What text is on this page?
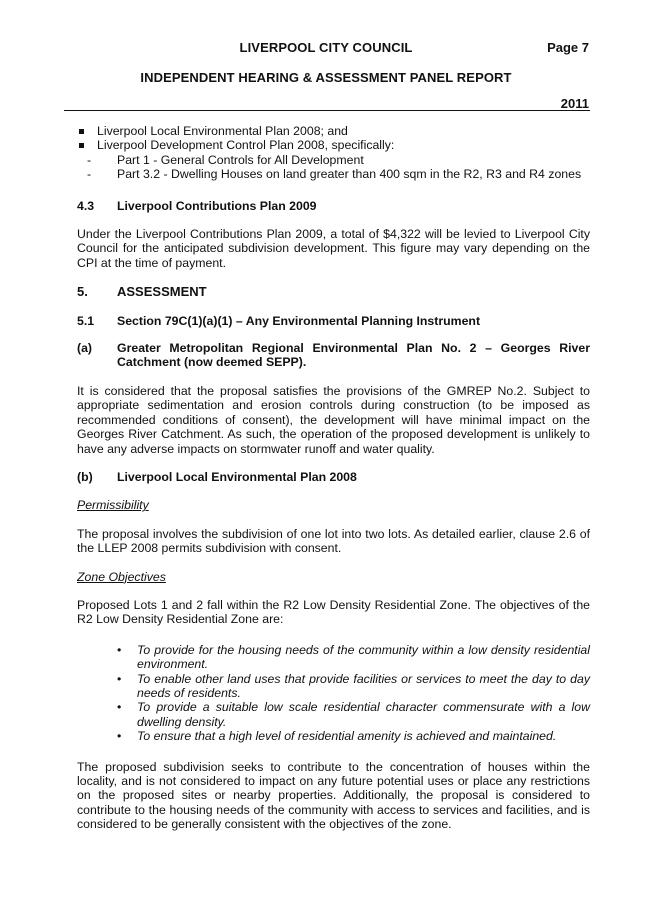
LIVERPOOL CITY COUNCIL	Page 7
INDEPENDENT HEARING & ASSESSMENT PANEL REPORT
2011
Liverpool Local Environmental Plan 2008; and
Liverpool Development Control Plan 2008, specifically:
- Part 1 - General Controls for All Development
- Part 3.2 - Dwelling Houses on land greater than 400 sqm in the R2, R3 and R4 zones
4.3	Liverpool Contributions Plan 2009

Under the Liverpool Contributions Plan 2009, a total of $4,322 will be levied to Liverpool City Council for the anticipated subdivision development. This figure may vary depending on the CPI at the time of payment.

5.	ASSESSMENT
5.1	Section 79C(1)(a)(1) – Any Environmental Planning Instrument
(a)	Greater Metropolitan Regional Environmental Plan No. 2 – Georges River Catchment (now deemed SEPP).

It is considered that the proposal satisfies the provisions of the GMREP No.2. Subject to appropriate sedimentation and erosion controls during construction (to be imposed as recommended conditions of consent), the development will have minimal impact on the Georges River Catchment. As such, the operation of the proposed development is unlikely to have any adverse impacts on stormwater runoff and water quality.

(b)	Liverpool Local Environmental Plan 2008
Permissibility

The proposal involves the subdivision of one lot into two lots. As detailed earlier, clause 2.6 of the LLEP 2008 permits subdivision with consent.

Zone Objectives

Proposed Lots 1 and 2 fall within the R2 Low Density Residential Zone. The objectives of the R2 Low Density Residential Zone are:

• To provide for the housing needs of the community within a low density residential environment.
• To enable other land uses that provide facilities or services to meet the day to day needs of residents.
• To provide a suitable low scale residential character commensurate with a low dwelling density.
• To ensure that a high level of residential amenity is achieved and maintained.

The proposed subdivision seeks to contribute to the concentration of houses within the locality, and is not considered to impact on any future potential uses or place any restrictions on the proposed sites or nearby properties. Additionally, the proposal is considered to contribute to the housing needs of the community with access to services and facilities, and is considered to be generally consistent with the objectives of the zone.
